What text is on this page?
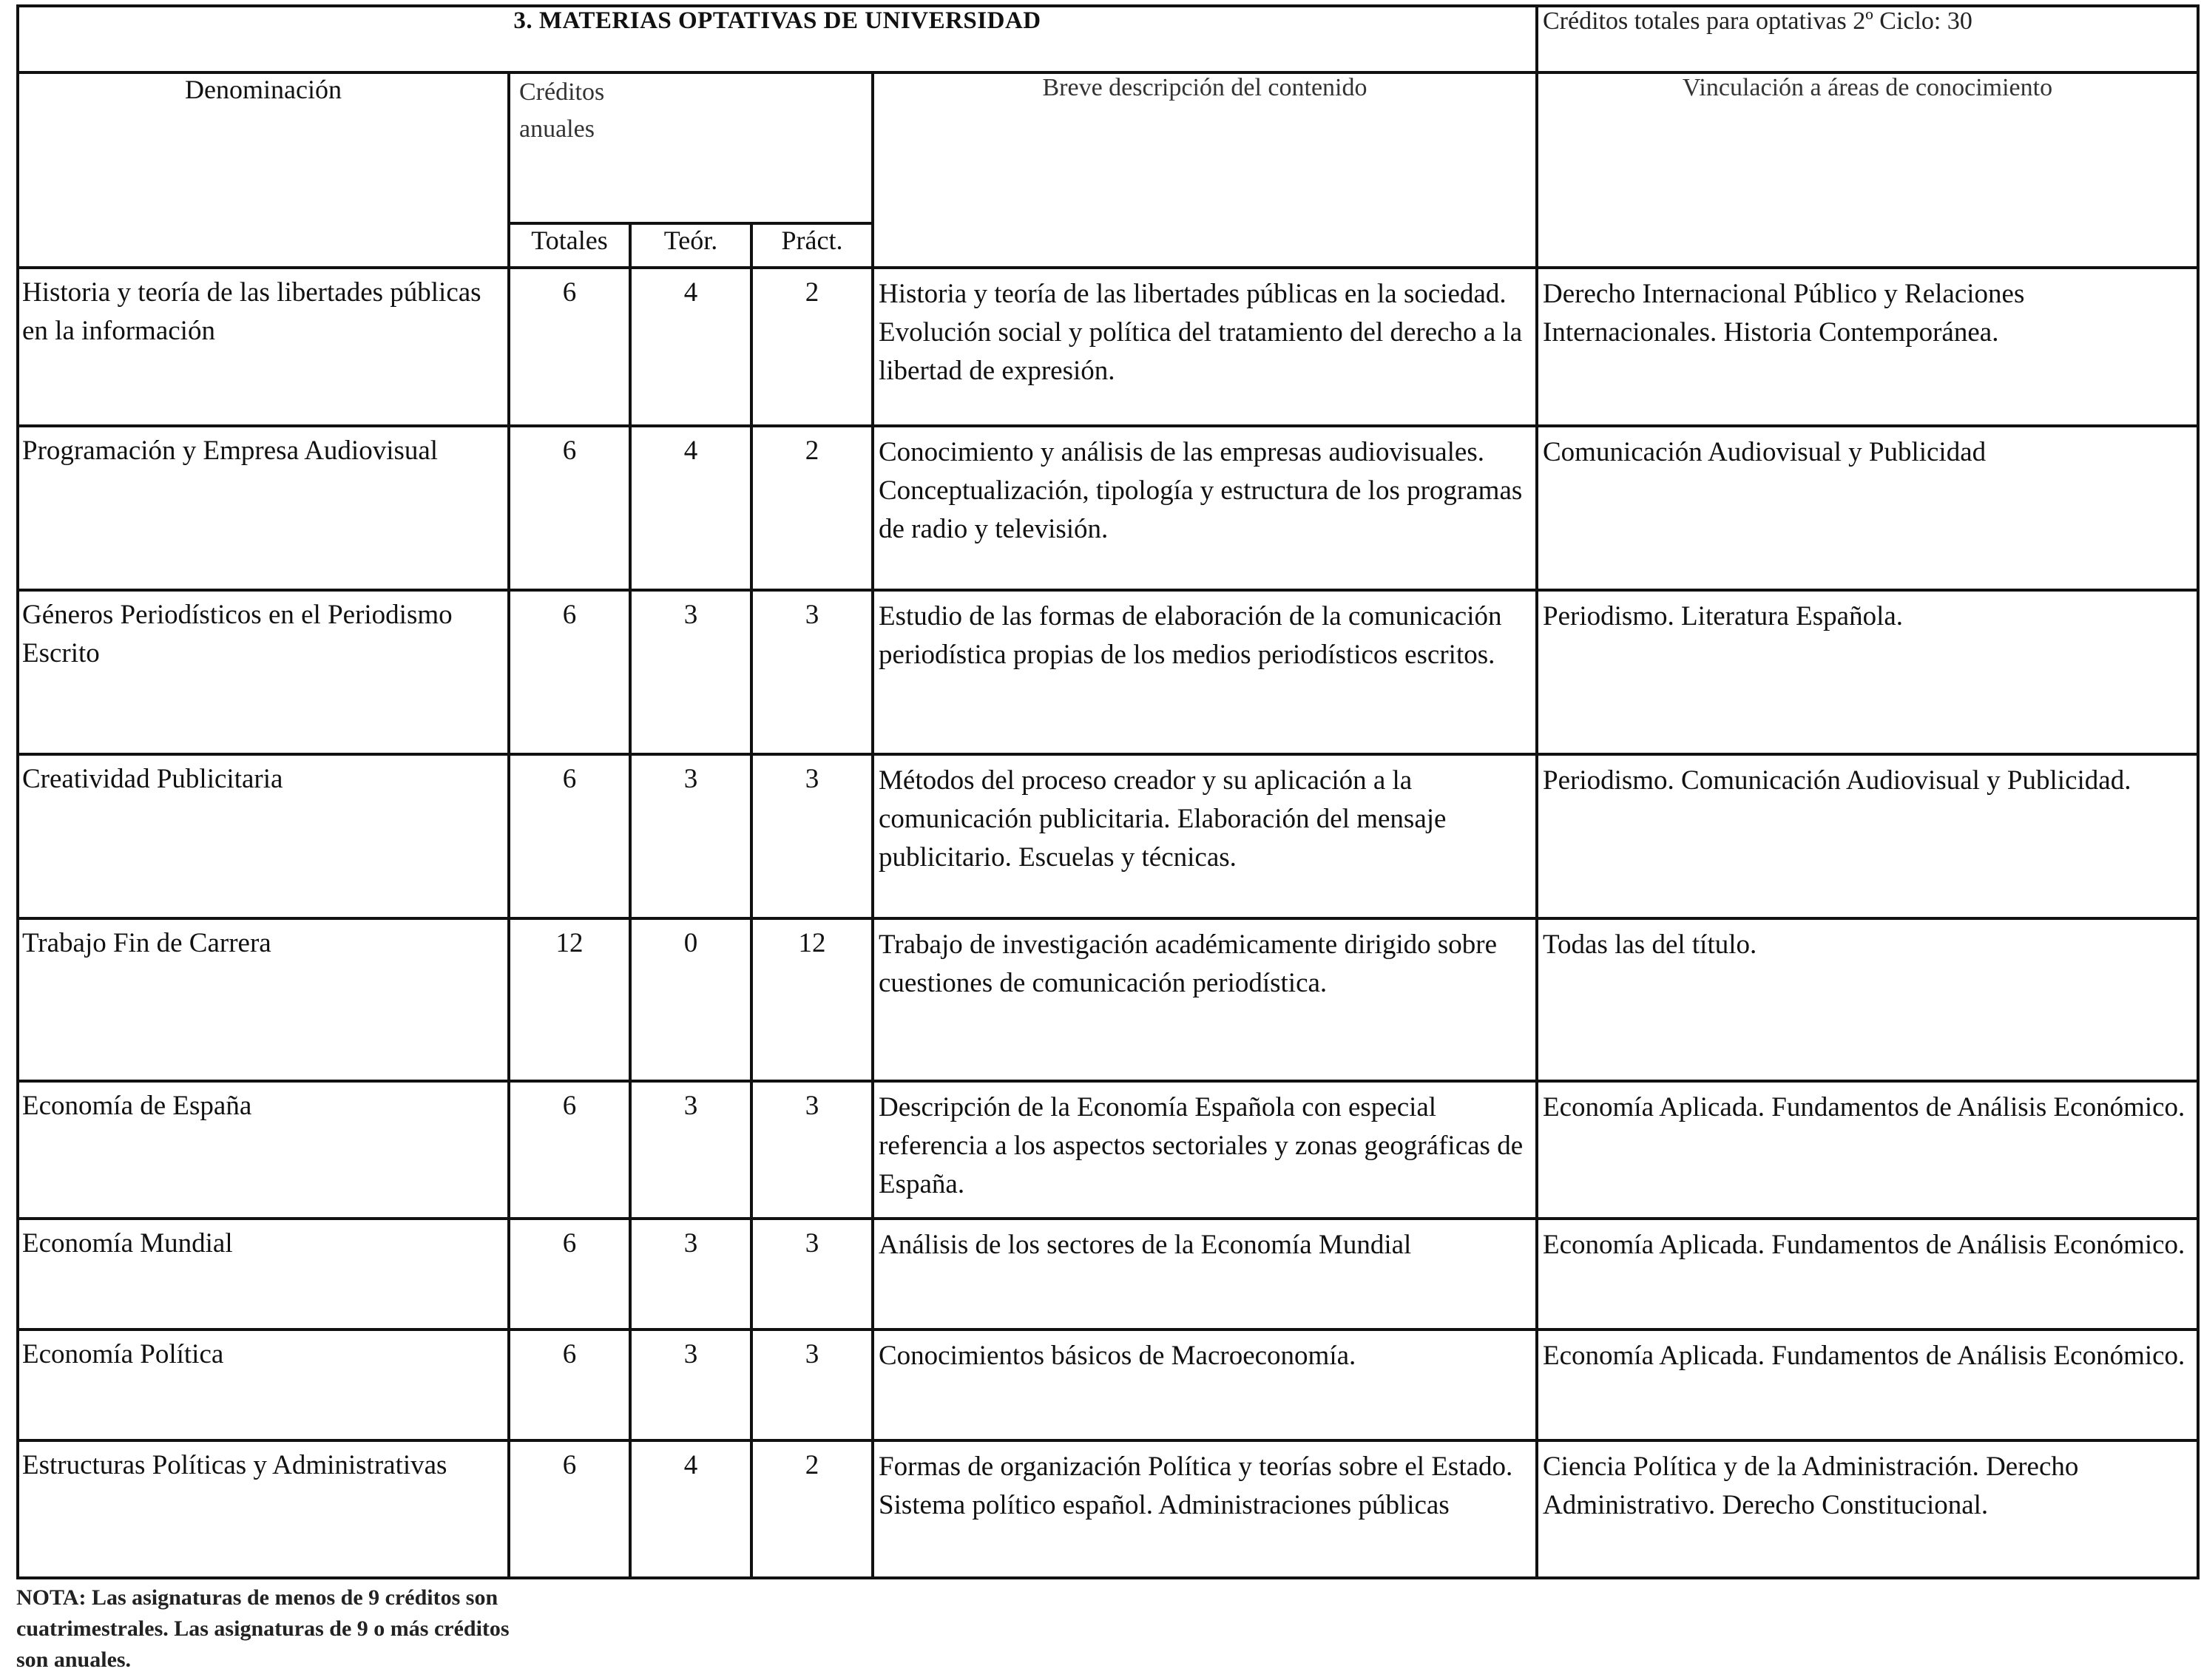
3. MATERIAS OPTATIVAS DE UNIVERSIDAD					Créditos totales para optativas 2º Ciclo: 30
Denominación	Créditos anuales			Breve descripción del contenido	Vinculación a áreas de conocimiento
	Totales	Teór.	Práct.		
Historia y teoría de las libertades públicas en la información	6	4	2	Historia y teoría de las libertades públicas en la sociedad. Evolución social y política del tratamiento del derecho a la libertad de expresión.	Derecho Internacional Público y Relaciones Internacionales. Historia Contemporánea.
Programación y Empresa Audiovisual	6	4	2	Conocimiento y análisis de las empresas audiovisuales. Conceptualización, tipología y estructura de los programas de radio y televisión.	Comunicación Audiovisual y Publicidad
Géneros Periodísticos en el Periodismo Escrito	6	3	3	Estudio de las formas de elaboración de la comunicación periodística propias de los medios periodísticos escritos.	Periodismo. Literatura Española.
Creatividad Publicitaria	6	3	3	Métodos del proceso creador y su aplicación a la comunicación publicitaria. Elaboración del mensaje publicitario. Escuelas y técnicas.	Periodismo. Comunicación Audiovisual y Publicidad.
Trabajo Fin de Carrera	12	0	12	Trabajo de investigación académicamente dirigido sobre cuestiones de comunicación periodística.	Todas las del título.
Economía de España	6	3	3	Descripción de la Economía Española con especial referencia a los aspectos sectoriales y zonas geográficas de España.	Economía Aplicada. Fundamentos de Análisis Económico.
Economía Mundial	6	3	3	Análisis de los sectores de la Economía Mundial	Economía Aplicada. Fundamentos de Análisis Económico.
Economía Política	6	3	3	Conocimientos básicos de Macroeconomía.	Economía Aplicada. Fundamentos de Análisis Económico.
Estructuras Políticas y Administrativas	6	4	2	Formas de organización Política y teorías sobre el Estado. Sistema político español. Administraciones públicas	Ciencia Política y de la Administración. Derecho Administrativo. Derecho Constitucional.
NOTA: Las asignaturas de menos de 9 créditos son cuatrimestrales. Las asignaturas de 9 o más créditos son anuales.
